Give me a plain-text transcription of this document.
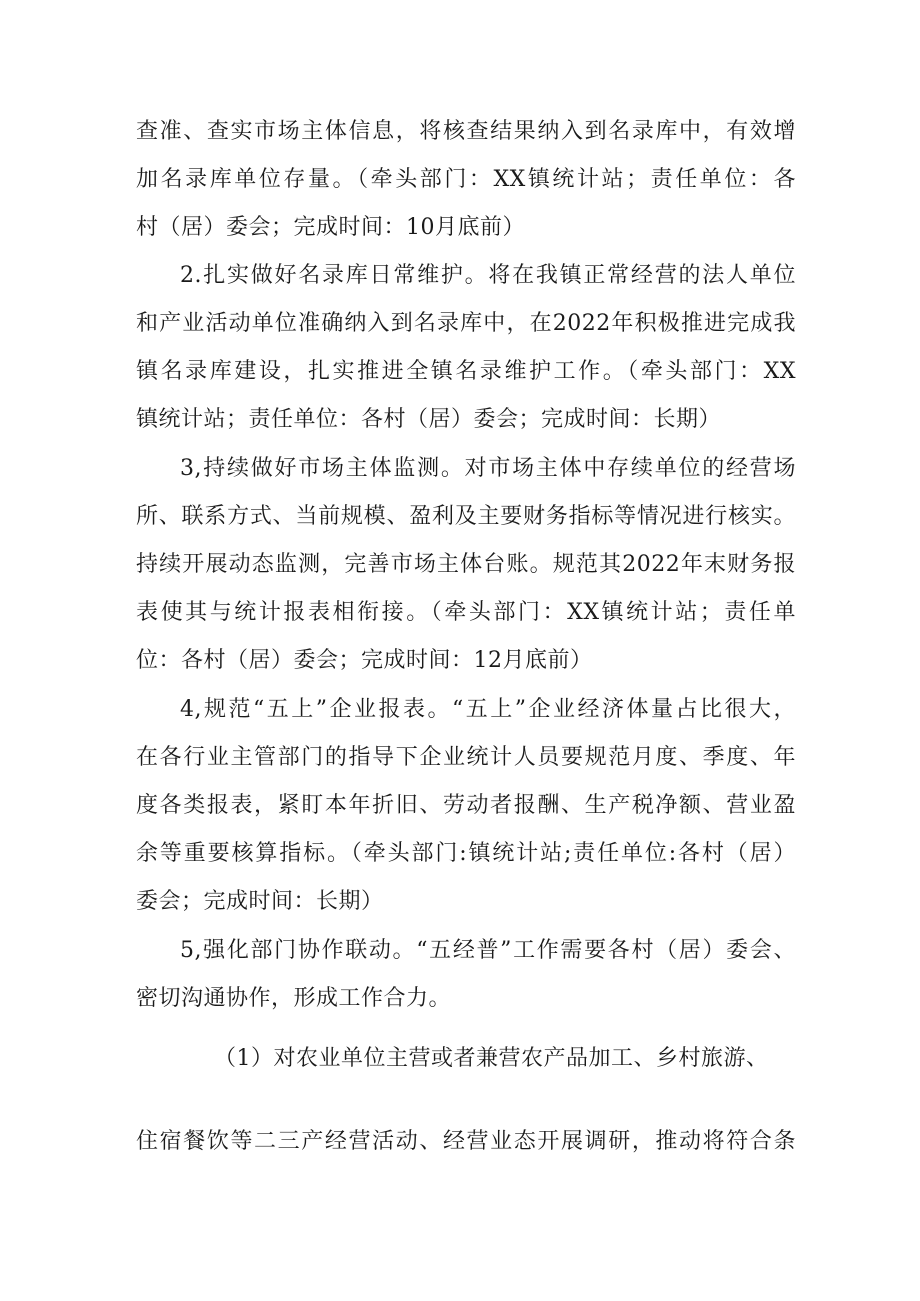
查准、查实市场主体信息，将核查结果纳入到名录库中，有效增
加名录库单位存量。（牵头部门：XX镇统计站；责任单位：各
村（居）委会；完成时间：10月底前）
2.扎实做好名录库日常维护。将在我镇正常经营的法人单位
和产业活动单位准确纳入到名录库中，在2022年积极推进完成我
镇名录库建设，扎实推进全镇名录维护工作。（牵头部门：XX
镇统计站；责任单位：各村（居）委会；完成时间：长期）
3,持续做好市场主体监测。对市场主体中存续单位的经营场
所、联系方式、当前规模、盈利及主要财务指标等情况进行核实。
持续开展动态监测，完善市场主体台账。规范其2022年末财务报
表使其与统计报表相衔接。（牵头部门：XX镇统计站；责任单
位：各村（居）委会；完成时间：12月底前）
4,规范“五上”企业报表。“五上”企业经济体量占比很大，
在各行业主管部门的指导下企业统计人员要规范月度、季度、年
度各类报表，紧盯本年折旧、劳动者报酬、生产税净额、营业盈
余等重要核算指标。（牵头部门:镇统计站;责任单位:各村（居）
委会；完成时间：长期）
5,强化部门协作联动。“五经普”工作需要各村（居）委会、
密切沟通协作，形成工作合力。
（1）对农业单位主营或者兼营农产品加工、乡村旅游、
住宿餐饮等二三产经营活动、经营业态开展调研，推动将符合条
